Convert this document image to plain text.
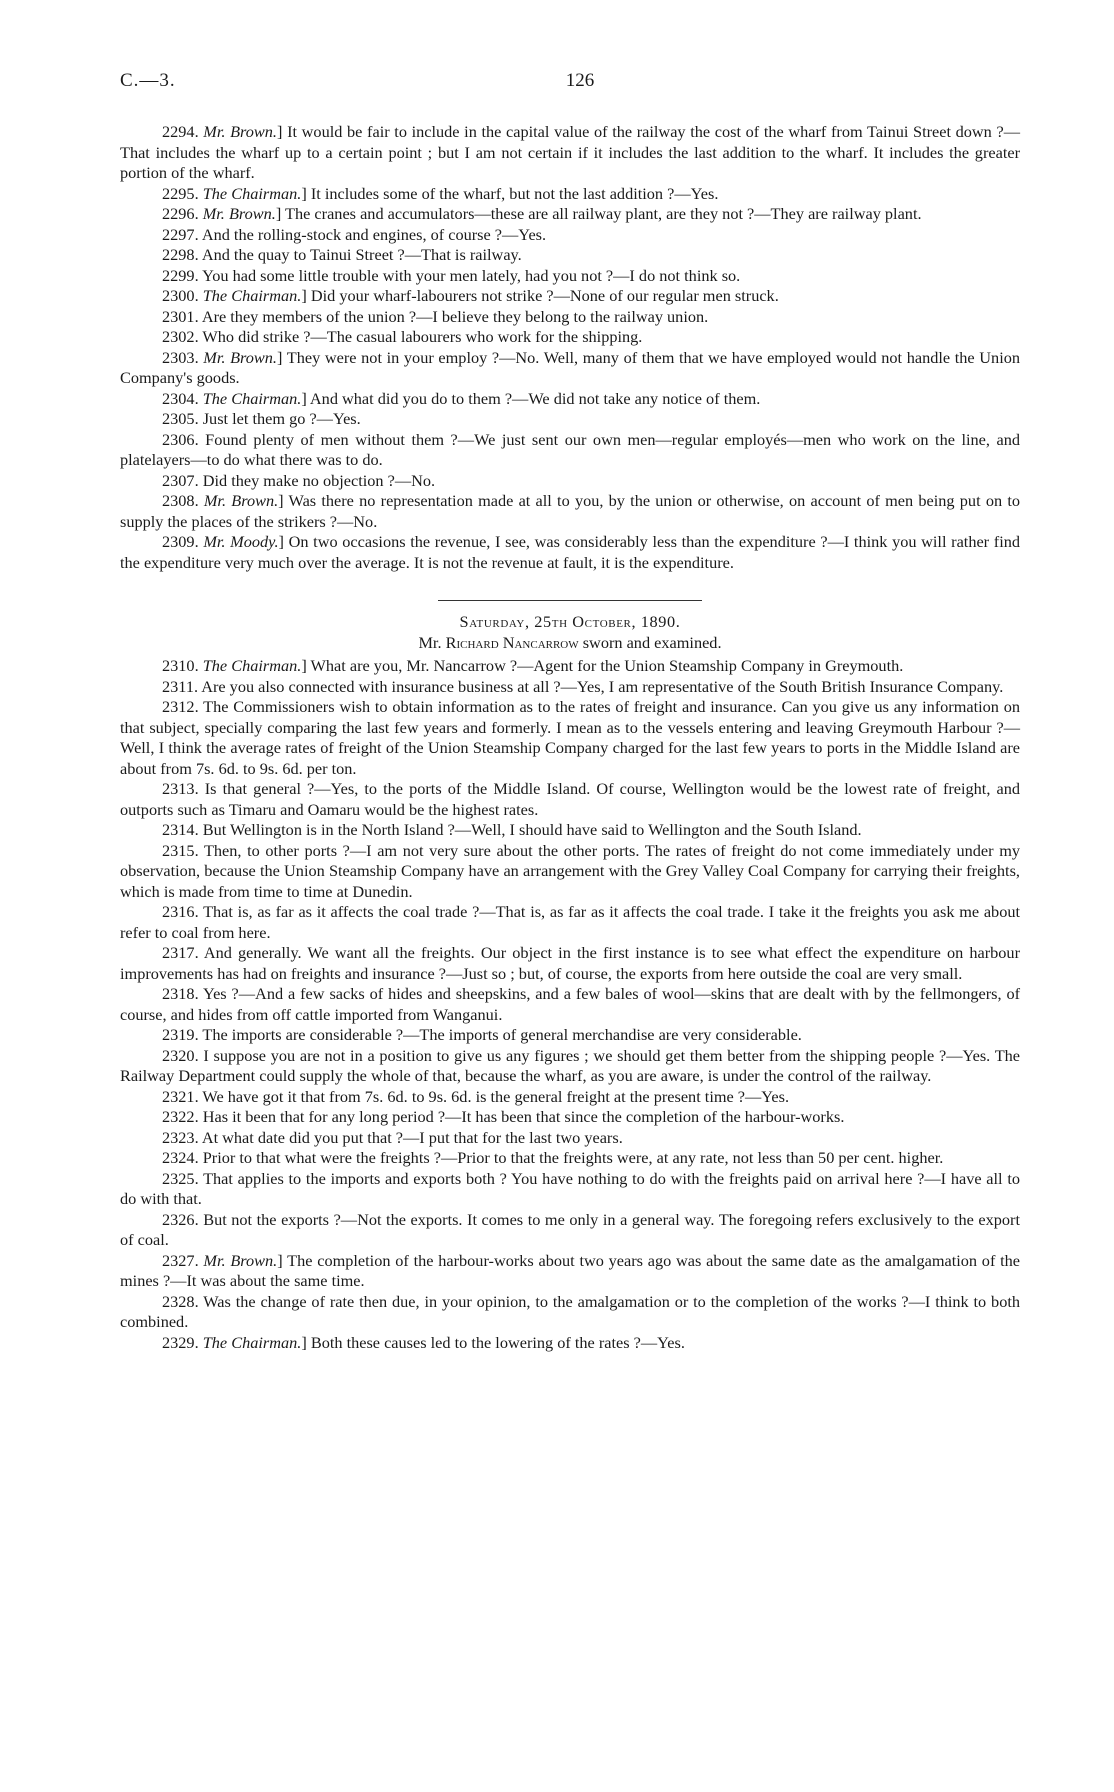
C.—3.	126

2294. Mr. Brown.] It would be fair to include in the capital value of the railway the cost of the wharf from Tainui Street down ?—That includes the wharf up to a certain point ; but I am not certain if it includes the last addition to the wharf. It includes the greater portion of the wharf.

2295. The Chairman.] It includes some of the wharf, but not the last addition ?—Yes.

2296. Mr. Brown.] The cranes and accumulators—these are all railway plant, are they not ?—They are railway plant.

2297. And the rolling-stock and engines, of course ?—Yes.

2298. And the quay to Tainui Street ?—That is railway.

2299. You had some little trouble with your men lately, had you not ?—I do not think so.

2300. The Chairman.] Did your wharf-labourers not strike ?—None of our regular men struck.

2301. Are they members of the union ?—I believe they belong to the railway union.

2302. Who did strike ?—The casual labourers who work for the shipping.

2303. Mr. Brown.] They were not in your employ ?—No. Well, many of them that we have employed would not handle the Union Company's goods.

2304. The Chairman.] And what did you do to them ?—We did not take any notice of them.

2305. Just let them go ?—Yes.

2306. Found plenty of men without them ?—We just sent our own men—regular employés—men who work on the line, and platelayers—to do what there was to do.

2307. Did they make no objection ?—No.

2308. Mr. Brown.] Was there no representation made at all to you, by the union or otherwise, on account of men being put on to supply the places of the strikers ?—No.

2309. Mr. Moody.] On two occasions the revenue, I see, was considerably less than the expenditure ?—I think you will rather find the expenditure very much over the average. It is not the revenue at fault, it is the expenditure.

Saturday, 25th October, 1890.

Mr. Richard Nancarrow sworn and examined.

2310. The Chairman.] What are you, Mr. Nancarrow ?—Agent for the Union Steamship Company in Greymouth.

2311. Are you also connected with insurance business at all ?—Yes, I am representative of the South British Insurance Company.

2312. The Commissioners wish to obtain information as to the rates of freight and insurance. Can you give us any information on that subject, specially comparing the last few years and formerly. I mean as to the vessels entering and leaving Greymouth Harbour ?—Well, I think the average rates of freight of the Union Steamship Company charged for the last few years to ports in the Middle Island are about from 7s. 6d. to 9s. 6d. per ton.

2313. Is that general ?—Yes, to the ports of the Middle Island. Of course, Wellington would be the lowest rate of freight, and outports such as Timaru and Oamaru would be the highest rates.

2314. But Wellington is in the North Island ?—Well, I should have said to Wellington and the South Island.

2315. Then, to other ports ?—I am not very sure about the other ports. The rates of freight do not come immediately under my observation, because the Union Steamship Company have an arrangement with the Grey Valley Coal Company for carrying their freights, which is made from time to time at Dunedin.

2316. That is, as far as it affects the coal trade ?—That is, as far as it affects the coal trade. I take it the freights you ask me about refer to coal from here.

2317. And generally. We want all the freights. Our object in the first instance is to see what effect the expenditure on harbour improvements has had on freights and insurance ?—Just so ; but, of course, the exports from here outside the coal are very small.

2318. Yes ?—And a few sacks of hides and sheepskins, and a few bales of wool—skins that are dealt with by the fellmongers, of course, and hides from off cattle imported from Wanganui.

2319. The imports are considerable ?—The imports of general merchandise are very considerable.

2320. I suppose you are not in a position to give us any figures ; we should get them better from the shipping people ?—Yes. The Railway Department could supply the whole of that, because the wharf, as you are aware, is under the control of the railway.

2321. We have got it that from 7s. 6d. to 9s. 6d. is the general freight at the present time ?—Yes.

2322. Has it been that for any long period ?—It has been that since the completion of the harbour-works.

2323. At what date did you put that ?—I put that for the last two years.

2324. Prior to that what were the freights ?—Prior to that the freights were, at any rate, not less than 50 per cent. higher.

2325. That applies to the imports and exports both ? You have nothing to do with the freights paid on arrival here ?—I have all to do with that.

2326. But not the exports ?—Not the exports. It comes to me only in a general way. The foregoing refers exclusively to the export of coal.

2327. Mr. Brown.] The completion of the harbour-works about two years ago was about the same date as the amalgamation of the mines ?—It was about the same time.

2328. Was the change of rate then due, in your opinion, to the amalgamation or to the completion of the works ?—I think to both combined.

2329. The Chairman.] Both these causes led to the lowering of the rates ?—Yes.
